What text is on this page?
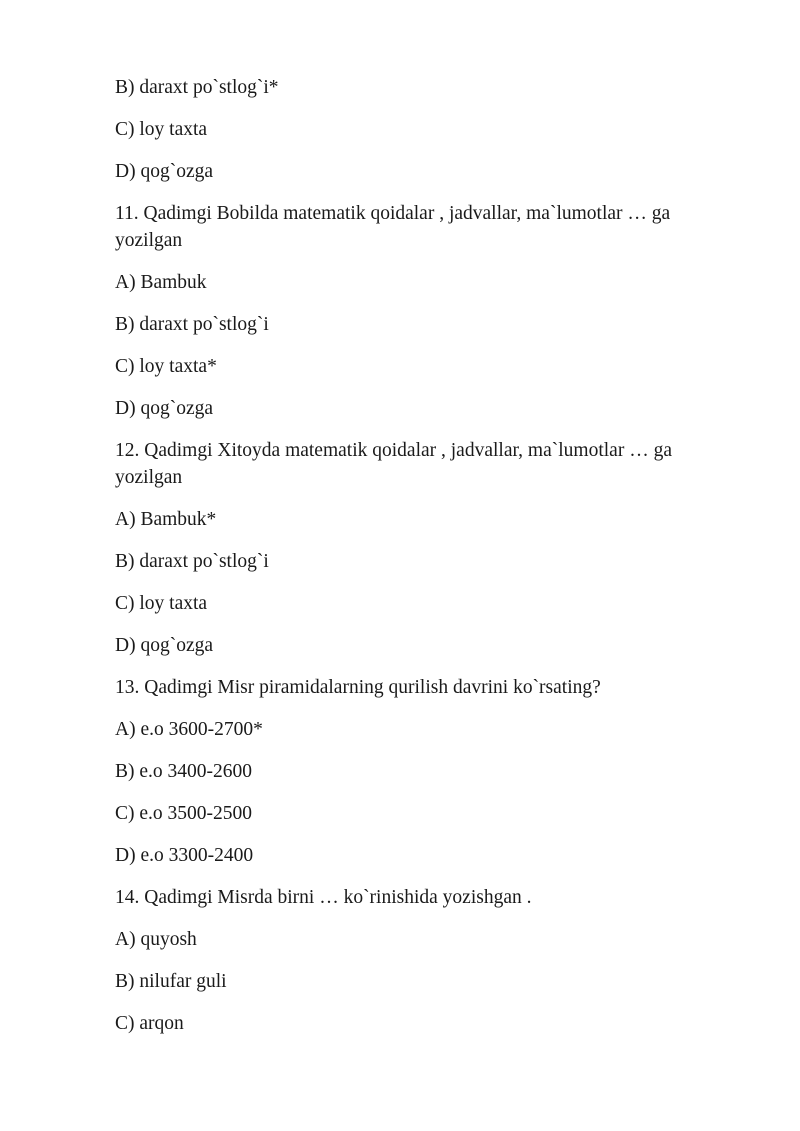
B) daraxt po`stlog`i*

C) loy taxta

D) qog`ozga

11. Qadimgi Bobilda matematik qoidalar , jadvallar, ma`lumotlar … ga yozilgan

A) Bambuk

B) daraxt po`stlog`i

C) loy taxta*

D) qog`ozga

12. Qadimgi Xitoyda matematik qoidalar , jadvallar, ma`lumotlar … ga yozilgan

A) Bambuk*

B) daraxt po`stlog`i

C) loy taxta

D) qog`ozga

13. Qadimgi Misr piramidalarning qurilish davrini ko`rsating?

A) e.o 3600-2700*

B) e.o 3400-2600

C) e.o 3500-2500

D) e.o 3300-2400

14. Qadimgi Misrda birni … ko`rinishida yozishgan .

A) quyosh

B) nilufar guli

C) arqon
